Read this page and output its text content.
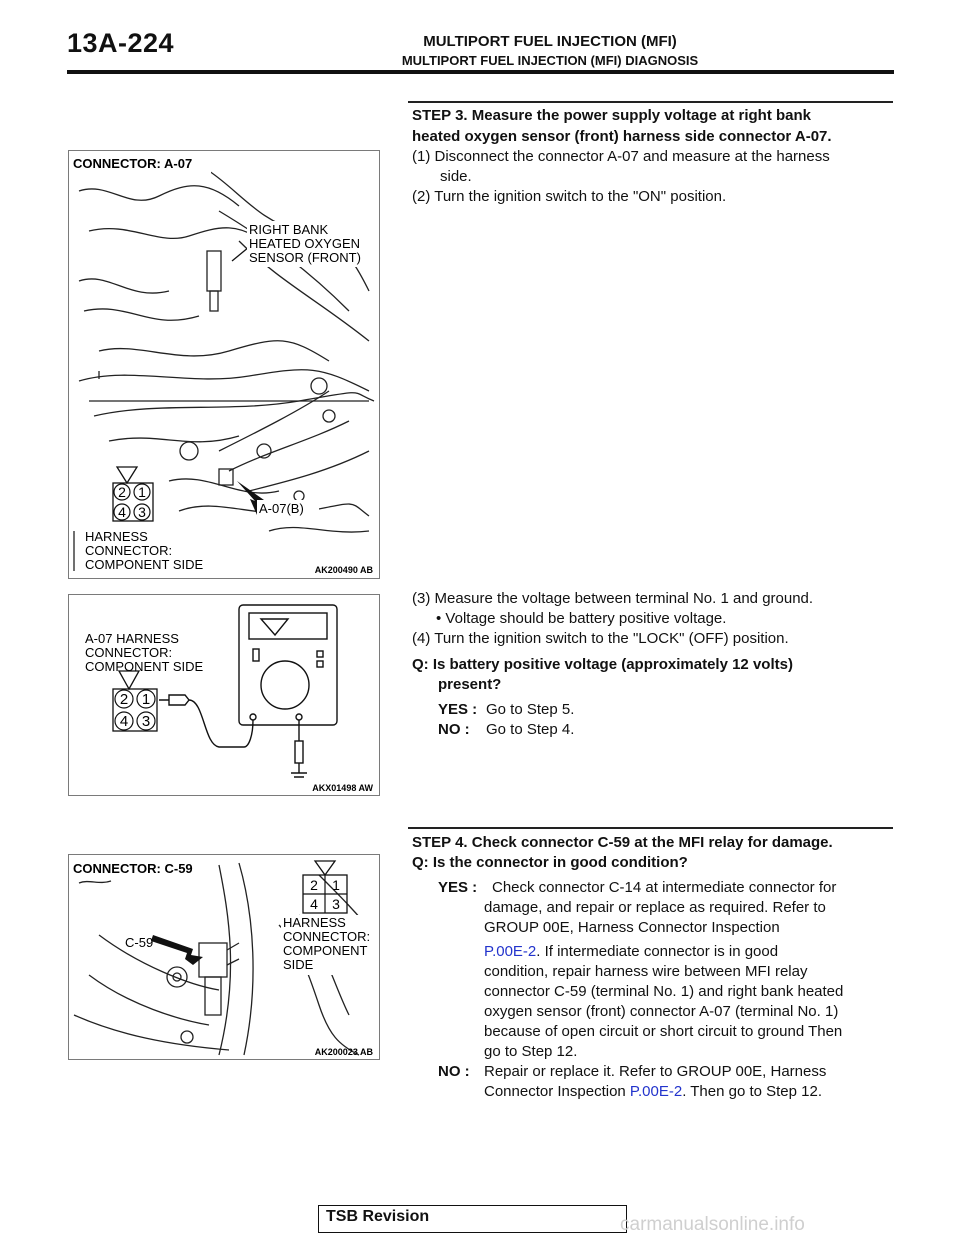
13A-224	MULTIPORT FUEL INJECTION (MFI)
MULTIPORT FUEL INJECTION (MFI) DIAGNOSIS
STEP 3. Measure the power supply voltage at right bank
heated oxygen sensor (front) harness side connector A-07.
(1) Disconnect the connector A-07 and measure at the harness
side.
(2) Turn the ignition switch to the "ON" position.
(3) Measure the voltage between terminal No. 1 and ground.
• Voltage should be battery positive voltage.
(4) Turn the ignition switch to the "LOCK" (OFF) position.
Q: Is battery positive voltage (approximately 12 volts)
present?
YES : Go to Step 5.
NO : Go to Step 4.
STEP 4. Check connector C-59 at the MFI relay for damage.
Q: Is the connector in good condition?
YES : Check connector C-14 at intermediate connector for
damage, and repair or replace as required. Refer to
GROUP 00E, Harness Connector Inspection
P.00E-2. If intermediate connector is in good
condition, repair harness wire between MFI relay
connector C-59 (terminal No. 1) and right bank heated
oxygen sensor (front) connector A-07 (terminal No. 1)
because of open circuit or short circuit to ground Then
go to Step 12.
NO : Repair or replace it. Refer to GROUP 00E, Harness
Connector Inspection P.00E-2. Then go to Step 12.
2 1
4 3
CONNECTOR: A-07
RIGHT BANK
HEATED OXYGEN
SENSOR (FRONT)
A-07(B)
HARNESS
CONNECTOR:
COMPONENT SIDE	AK200490 AB
A-07 HARNESS
CONNECTOR:
COMPONENT SIDE
2 1
4 3
AKX01498 AW
2 1
4 3
CONNECTOR: C-59
HARNESS
CONNECTOR:
COMPONENT
SIDE
C-59
AK200023 AB
TSB Revision	carmanualsonline.info
